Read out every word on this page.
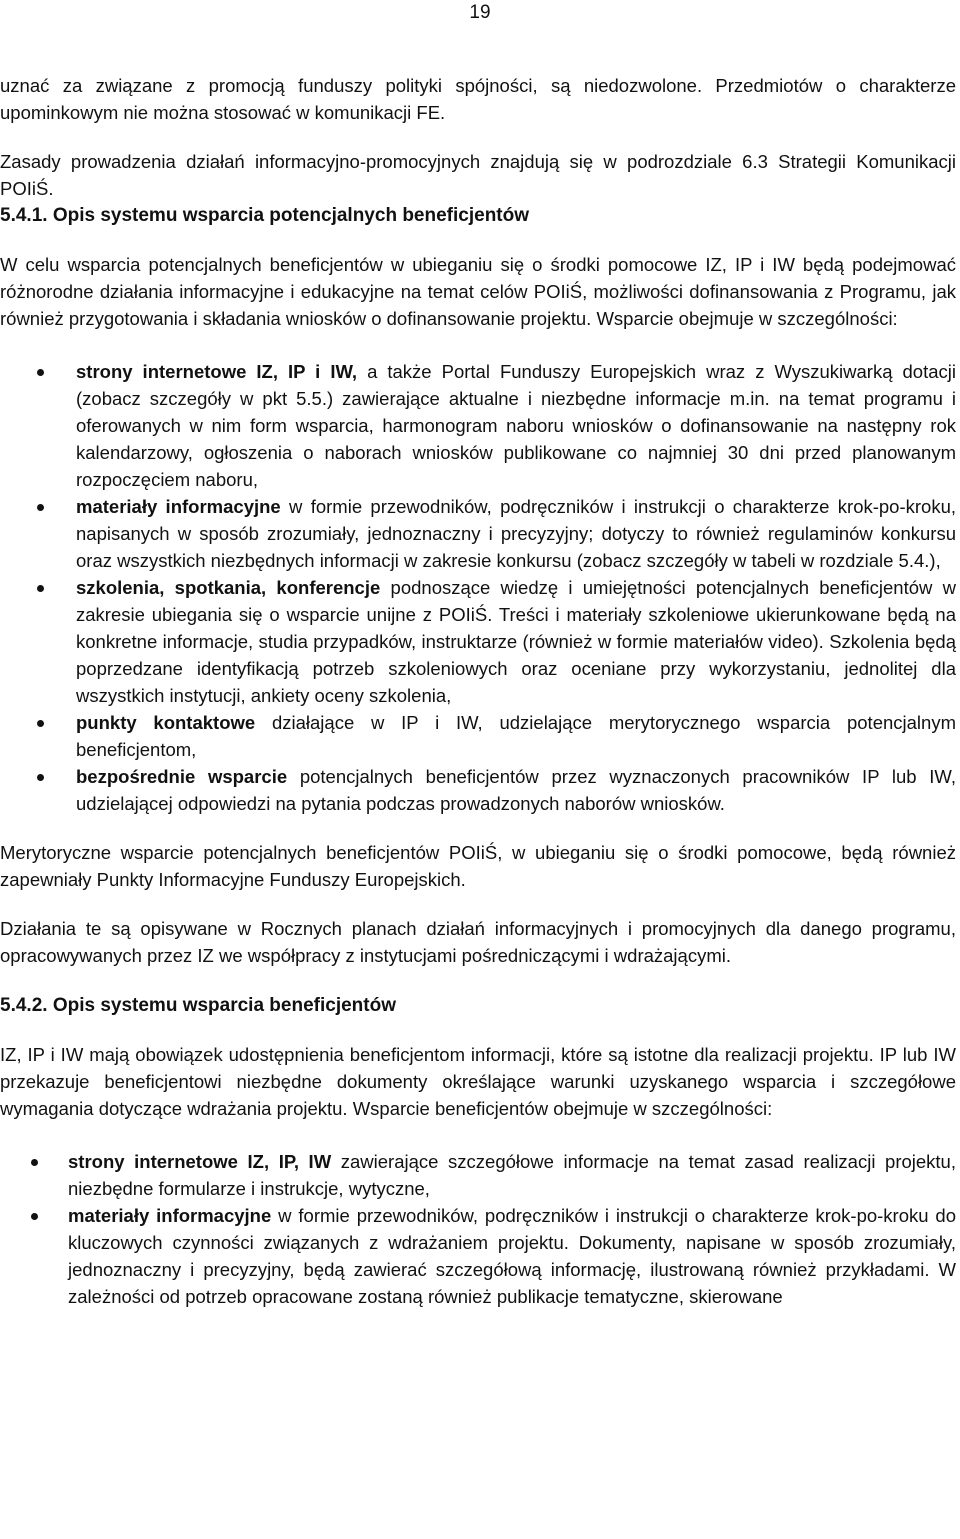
19

uznać za związane z promocją funduszy polityki spójności, są niedozwolone. Przedmiotów o charakterze upominkowym nie można stosować w komunikacji FE.

Zasady prowadzenia działań informacyjno-promocyjnych znajdują się w podrozdziale 6.3 Strategii Komunikacji POIiŚ.

5.4.1. Opis systemu wsparcia potencjalnych beneficjentów

W celu wsparcia potencjalnych beneficjentów w ubieganiu się o środki pomocowe IZ, IP i IW będą podejmować różnorodne działania informacyjne i edukacyjne na temat celów POIiŚ, możliwości dofinansowania z Programu, jak również przygotowania i składania wniosków o dofinansowanie projektu. Wsparcie obejmuje w szczególności:

strony internetowe IZ, IP i IW, a także Portal Funduszy Europejskich wraz z Wyszukiwarką dotacji (zobacz szczegóły w pkt 5.5.) zawierające aktualne i niezbędne informacje m.in. na temat programu i oferowanych w nim form wsparcia, harmonogram naboru wniosków o dofinansowanie na następny rok kalendarzowy, ogłoszenia o naborach wniosków publikowane co najmniej 30 dni przed planowanym rozpoczęciem naboru,
materiały informacyjne w formie przewodników, podręczników i instrukcji o charakterze krok-po-kroku, napisanych w sposób zrozumiały, jednoznaczny i precyzyjny; dotyczy to również regulaminów konkursu oraz wszystkich niezbędnych informacji w zakresie konkursu (zobacz szczegóły w tabeli w rozdziale 5.4.),
szkolenia, spotkania, konferencje podnoszące wiedzę i umiejętności potencjalnych beneficjentów w zakresie ubiegania się o wsparcie unijne z POIiŚ. Treści i materiały szkoleniowe ukierunkowane będą na konkretne informacje, studia przypadków, instruktarze (również w formie materiałów video). Szkolenia będą poprzedzane identyfikacją potrzeb szkoleniowych oraz oceniane przy wykorzystaniu, jednolitej dla wszystkich instytucji, ankiety oceny szkolenia,
punkty kontaktowe działające w IP i IW, udzielające merytorycznego wsparcia potencjalnym beneficjentom,
bezpośrednie wsparcie potencjalnych beneficjentów przez wyznaczonych pracowników IP lub IW, udzielającej odpowiedzi na pytania podczas prowadzonych naborów wniosków.

Merytoryczne wsparcie potencjalnych beneficjentów POIiŚ, w ubieganiu się o środki pomocowe, będą również zapewniały Punkty Informacyjne Funduszy Europejskich.

Działania te są opisywane w Rocznych planach działań informacyjnych i promocyjnych dla danego programu, opracowywanych przez IZ we współpracy z instytucjami pośredniczącymi i wdrażającymi.

5.4.2. Opis systemu wsparcia beneficjentów

IZ, IP i IW mają obowiązek udostępnienia beneficjentom informacji, które są istotne dla realizacji projektu. IP lub IW przekazuje beneficjentowi niezbędne dokumenty określające warunki uzyskanego wsparcia i szczegółowe wymagania dotyczące wdrażania projektu. Wsparcie beneficjentów obejmuje w szczególności:

strony internetowe IZ, IP, IW zawierające szczegółowe informacje na temat zasad realizacji projektu, niezbędne formularze i instrukcje, wytyczne,
materiały informacyjne w formie przewodników, podręczników i instrukcji o charakterze krok-po-kroku do kluczowych czynności związanych z wdrażaniem projektu. Dokumenty, napisane w sposób zrozumiały, jednoznaczny i precyzyjny, będą zawierać szczegółową informację, ilustrowaną również przykładami. W zależności od potrzeb opracowane zostaną również publikacje tematyczne, skierowane
